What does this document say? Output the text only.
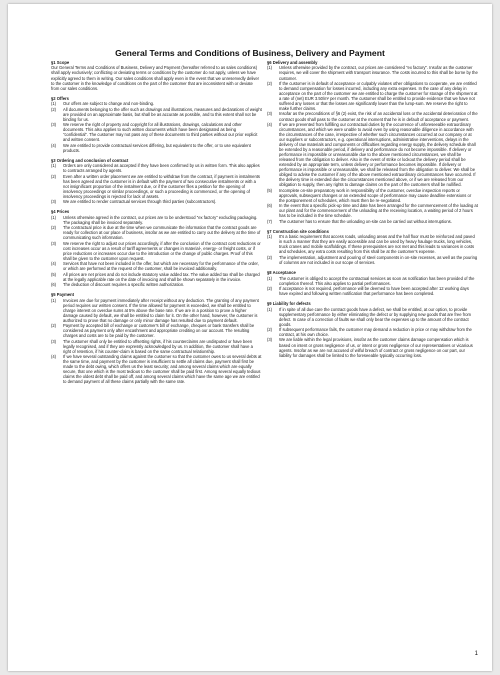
General Terms and Conditions of Business, Delivery and Payment
§1 Scope
Our General Terms and Conditions of Business, Delivery and Payment (hereafter referred to as sales conditions) shall apply exclusively; conflicting or deviating terms or conditions by the customer do not apply, unless we have explicitly agreed to them in writing. Our sales conditions shall apply even in the event that we unreservedly deliver to the customer in the knowledge of conditions on the part of the customer that are inconsistent with or deviate from our sales conditions.
§2 Offers
(1)	Our offers are subject to change and non-binding.
(2)	All documents belonging to the offer such as drawings and illustrations, measures and declarations of weight are provided on an approximate basis, but shall be as accurate as possible, and to this extent shall not be binding for us.
(3)	We reserve the right of property and copyright for all illustrations, drawings, calculations and other documents. This also applies to such written documents which have been designated as being "confidential". The customer may not pass any of these documents to third parties without our prior explicit and written consent.
(4)	We are entitled to provide contractual services differing, but equivalent to the offer, or to use equivalent products.
§3 Ordering and conclusion of contract
(1)	Orders are only considered as accepted if they have been confirmed by us in written form. This also applies to contracts arranged by agents.
(2)	Even after a written order placement we are entitled to withdraw from the contract, if payment in instalments has been agreed and the customer is in default with the payment of two consecutive instalments or with a not insignificant proportion of the instalment due, or if the customer files a petition for the opening of insolvency proceedings or similar proceedings, or such a proceeding is commenced, or the opening of insolvency proceedings is rejected for lack of assets.
(3)	We are entitled to render contractual services through third parties (subcontractors).
§4 Prices
(1)	Unless otherwise agreed in the contract, our prices are to be understood "ex factory" excluding packaging. The packaging shall be invoiced separately.
(2)	The contractual price is due at the time when we communicate the information that the contract goods are ready for collection at our place of business, insofar as we are entitled to carry out the delivery at the time of communicating such information.
(3)	We reserve the right to adjust our prices accordingly, if after the conclusion of the contract cost reductions or cost increases occur as a result of tariff agreements or changes in material-, energy- or freight costs, or if price reductions or increases occur due to the introduction or the change of public charges. Proof of this shall be given to the customer upon request.
(4)	Services that have not been included in the offer, but which are necessary for the performance of the order, or which are performed at the request of the customer, shall be invoiced additionally.
(5)	All prices are net prices and do not include statutory value added tax. The value added tax shall be charged at the legally applicable rate on the date of invoicing and shall be shown separately in the invoice.
(6)	The deduction of discount requires a specific written authorization.
§5 Payment
(1)	Invoices are due for payment immediately after receipt without any deduction. The granting of any payment period requires our written consent. If the time allowed for payment is exceeded, we shall be entitled to charge interest on overdue sums at 5% above the base rate. If we are in a position to prove a higher damage caused by default, we shall be entitled to claim for it. On the other hand, however, the customer is authorized to prove that no damage or only minor damage has resulted due to payment default.
(2)	Payment by accepted bill of exchange or customer's bill of exchange, cheques or bank transfers shall be considered as payment only after encashment and appropriate crediting on our account. The resulting charges and costs are to be paid by the customer.
(3)	The customer shall only be entitled to offsetting rights, if his counterclaims are undisputed or have been legally recognised, and if they are expressly acknowledged by us. In addition, the customer shall have a right of retention, if his counter-claim is based on the same contractual relationship.
(4)	If we have several outstanding claims against the customer so that the customer owes to us several debts at the same time, and payment by the customer is insufficient to settle all claims due, payment shall first be made to the debt owing, which offers us the least security; and among several claims which are equally secure, that one which is the most tedious to the customer shall be paid first. Among several equally tedious claims the oldest debt shall be paid off, and among several claims which have the same age we are entitled to demand payment of all these claims partially with the same rate.
§6 Delivery and assembly
(1)	Unless otherwise provided by the contract, our prices are considered "ex factory". Insofar as the customer requires, we will cover the shipment with transport insurance. The costs incurred to this shall be borne by the customer.
(2)	If the customer is in default of acceptance or culpably violates other obligations to cooperate, we are entitled to demand compensation for losses incurred, including any extra expenses. In the case of any delay in acceptance on the part of the customer we are entitled to charge the customer for storage of the shipment at a rate of (net) EUR 3.50/m² per month. The customer shall be entitled to provide evidence that we have not suffered any losses or that the losses are significantly lower than the lump-sum. We reserve the right to make further claims.
(3)	Insofar as the preconditions of §6 (2) exist, the risk of an accidental loss or the accidental deterioration of the contract goods shall pass to the customer at the moment that he is in default of acceptance or payment.
(4)	If we are prevented from fulfilling our contractual duties by the occurrence of unforeseeable extraordinary circumstances, and which we were unable to avoid even by using reasonable diligence in accordance with the circumstances of the case, irrespective of whether such circumstances occurred at our company or at our suppliers or subcontractors, e.g. operational interruptions, administrative interventions, delays in the delivery of raw materials and components or difficulties regarding energy supply, the delivery schedule shall be extended by a reasonable period, if delivery and performance do not become impossible. If delivery or performance is impossible or unreasonable due to the above mentioned circumstances, we shall be released from the obligation to deliver. Also in the event of strike or lockout the delivery period shall be extended by an appropriate term, unless delivery or performance becomes impossible. If delivery or performance is impossible or unreasonable, we shall be released from the obligation to deliver. We shall be obliged to advise the customer if any of the above mentioned extraordinary circumstances have occurred. If the delivery time is extended due the circumstances mentioned above, or if we are released from our obligation to supply, then any rights to damage claims on the part of the customers shall be nullified.
(5)	Incomplete on-site preparatory work in responsibility of the customer, overdue inspection reports or approvals, subsequent changes or an extended scope of performance may cause deadline extensions or the postponement of schedules, which must then be re-negotiated.
(6)	In the event that a specific pick-up time and date has been arranged for the commencement of the loading at our plant and for the commencement of the unloading at the receiving location, a waiting period of 2 hours has to be included in the time schedule.
(7)	The customer has to ensure that the unloading on-site can be carried out without interruptions.
§7 Construction site conditions
(1)	It's a basic requirement that access roads, unloading areas and the hall floor must be reinforced and paved in such a manner that they are easily accessible and can be used by heavy haulage trucks, long vehicles, truck cranes and mobile scaffoldings. If these prerequisites are not met and this leads to variances in costs and schedules, any extra costs resulting from this shall be at the customer's expense.
(2)	The implementation, adjustment and pouring of steel components in on-site recesses, as well as the pouring of columns are not included in our scope of services.
§8 Acceptance
(1)	The customer is obliged to accept the contractual services as soon as notification has been provided of the completion thereof. This also applies to partial performances.
(2)	If acceptance is not required, performance will be deemed to have been accepted after 12 working days have expired and following written notification that performance has been completed.
§9 Liability for defects
(1)	If in spite of all due care the contract goods have a defect, we shall be entitled, at our option, to provide supplementary performance by either eliminating the defect or by supplying new goods that are free from defect. In case of a correction of faults we shall only bear the expenses up to the amount of the contract goods.
(2)	If subsequent performance fails, the customer may demand a reduction in price or may withdraw from the contract, at his own choice.
(3)	We are liable within the legal provisions, insofar as the customer claims damage compensation which is based on intent or gross negligence of us, or intent or gross negligence of our representatives or vicarious agents. Insofar as we are not accused of wilful breach of contract or gross negligence on our part, our liability for damages shall be limited to the foreseeable typically occurring loss.
1
